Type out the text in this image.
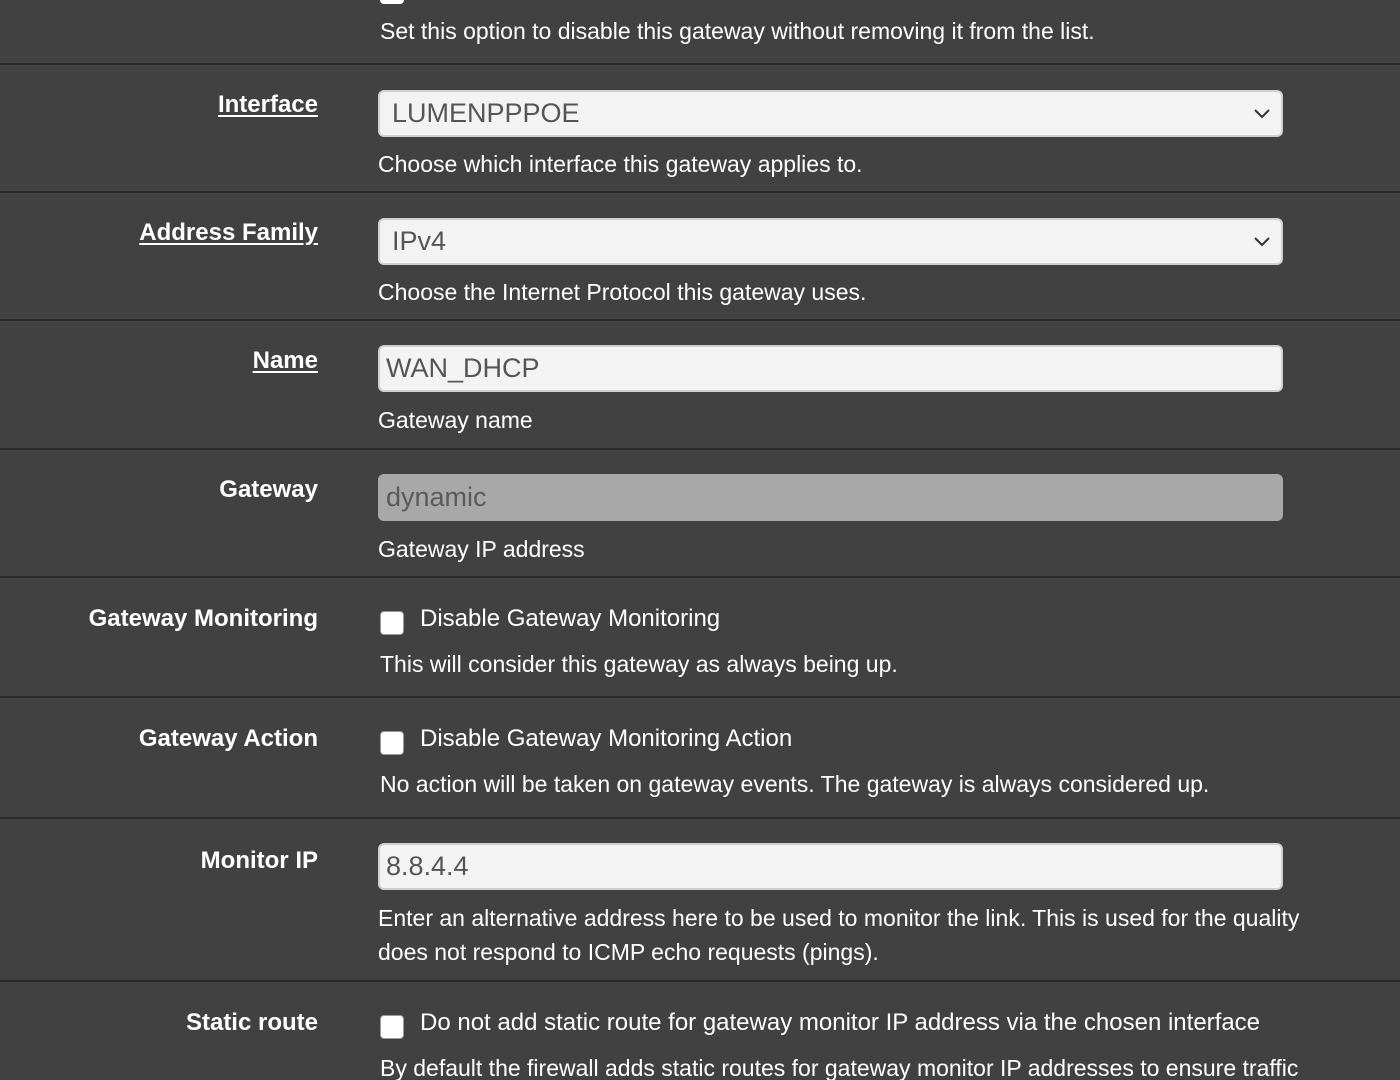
Set this option to disable this gateway without removing it from the list.
Interface	LUMENPPPOE
Choose which interface this gateway applies to.
Address Family	IPv4
Choose the Internet Protocol this gateway uses.
Name	WAN_DHCP
Gateway name
Gateway	dynamic
Gateway IP address
Gateway Monitoring	Disable Gateway Monitoring
This will consider this gateway as always being up.
Gateway Action	Disable Gateway Monitoring Action
No action will be taken on gateway events. The gateway is always considered up.
Monitor IP	8.8.4.4
Enter an alternative address here to be used to monitor the link. This is used for the quality
does not respond to ICMP echo requests (pings).
Static route	Do not add static route for gateway monitor IP address via the chosen interface
By default the firewall adds static routes for gateway monitor IP addresses to ensure traffic
